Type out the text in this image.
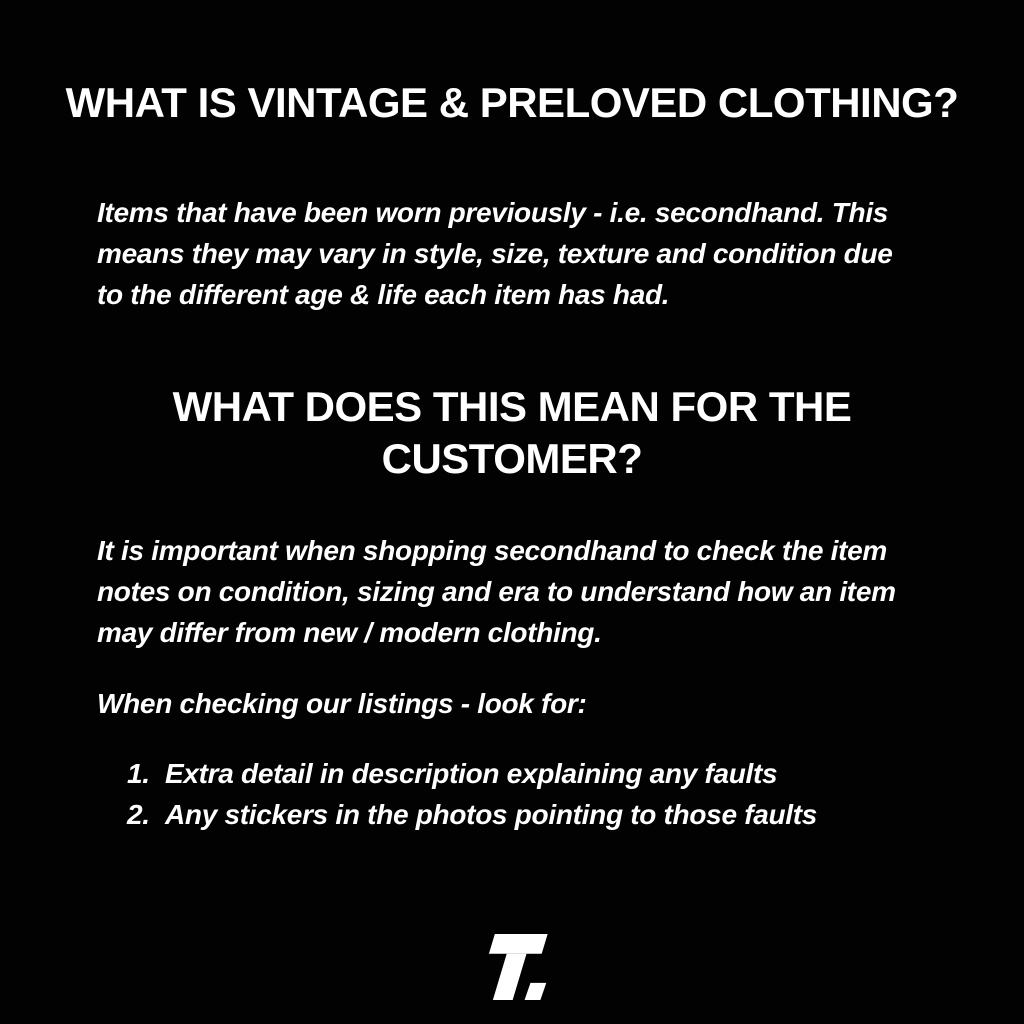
WHAT IS VINTAGE & PRELOVED CLOTHING?

Items that have been worn previously - i.e. secondhand. This
means they may vary in style, size, texture and condition due
to the different age & life each item has had.

WHAT DOES THIS MEAN FOR THE
CUSTOMER?

It is important when shopping secondhand to check the item
notes on condition, sizing and era to understand how an item
may differ from new / modern clothing.

When checking our listings - look for:

1. Extra detail in description explaining any faults
2. Any stickers in the photos pointing to those faults
